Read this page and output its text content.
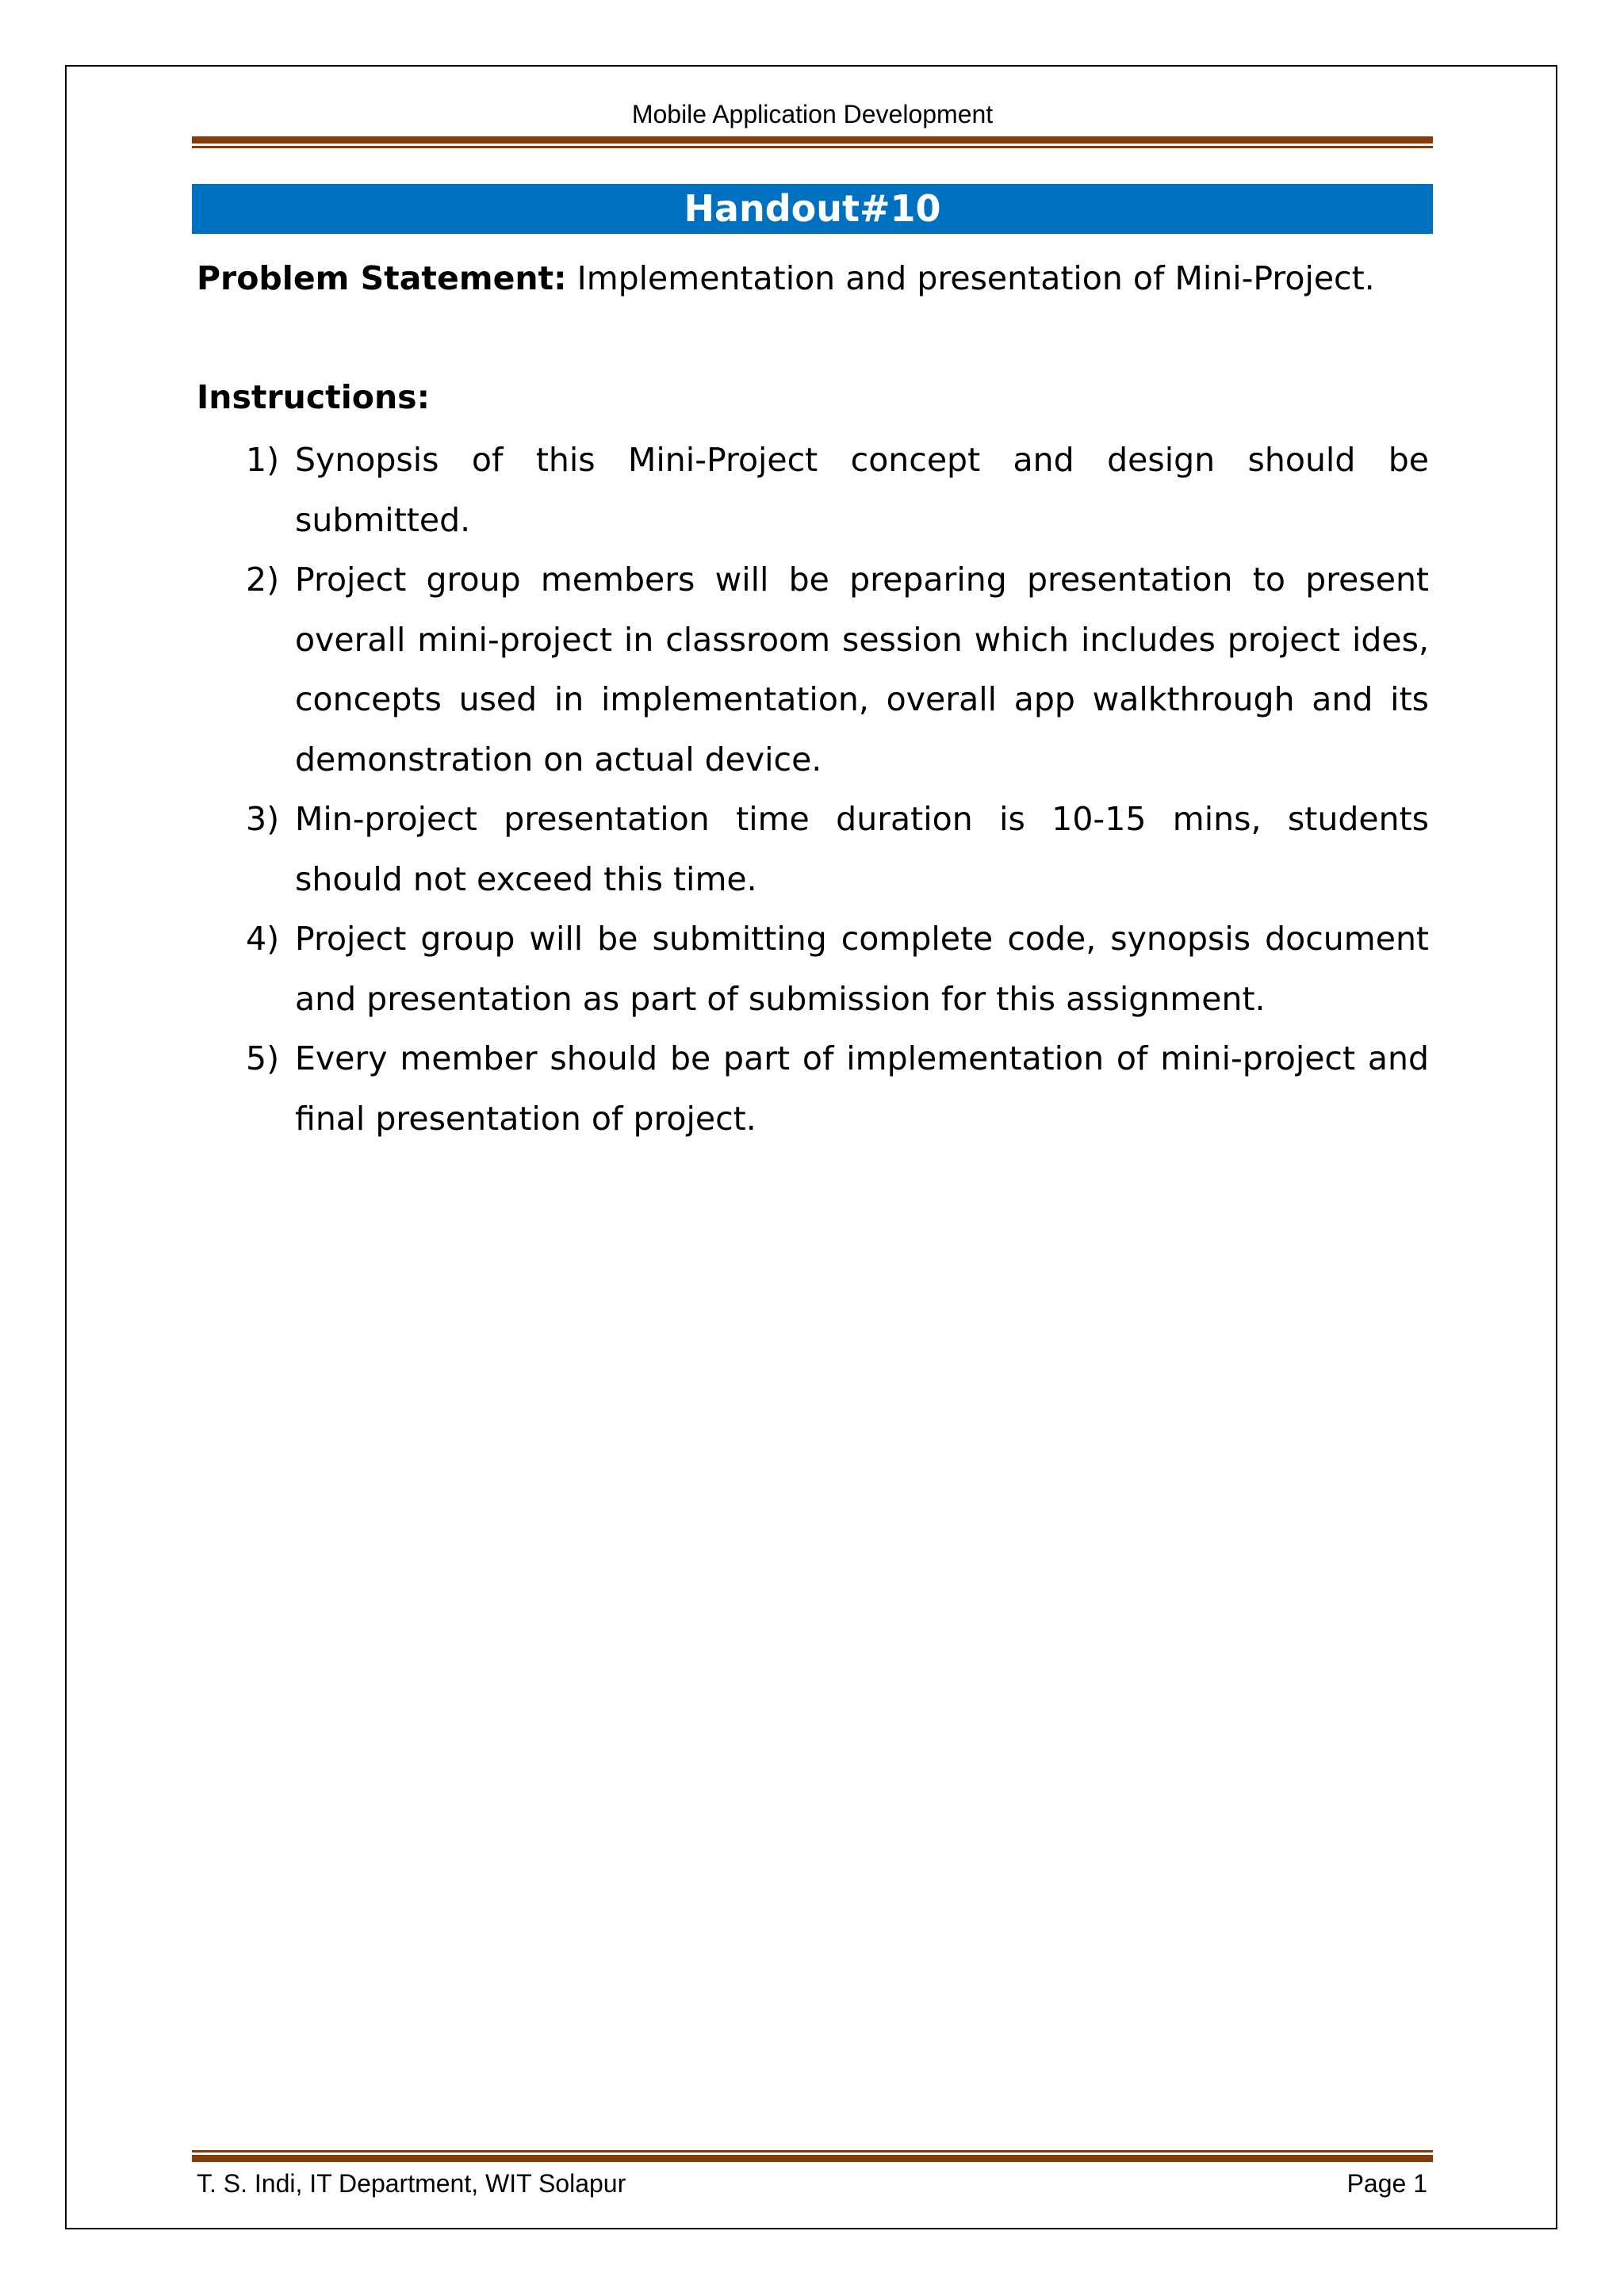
Mobile Application Development
Handout#10
Problem Statement: Implementation and presentation of Mini-Project.
Instructions:
1) Synopsis of this Mini-Project concept and design should be submitted.
2) Project group members will be preparing presentation to present overall mini-project in classroom session which includes project ides, concepts used in implementation, overall app walkthrough and its demonstration on actual device.
3) Min-project presentation time duration is 10-15 mins, students should not exceed this time.
4) Project group will be submitting complete code, synopsis document and presentation as part of submission for this assignment.
5) Every member should be part of implementation of mini-project and final presentation of project.
T. S. Indi, IT Department, WIT Solapur	Page 1
